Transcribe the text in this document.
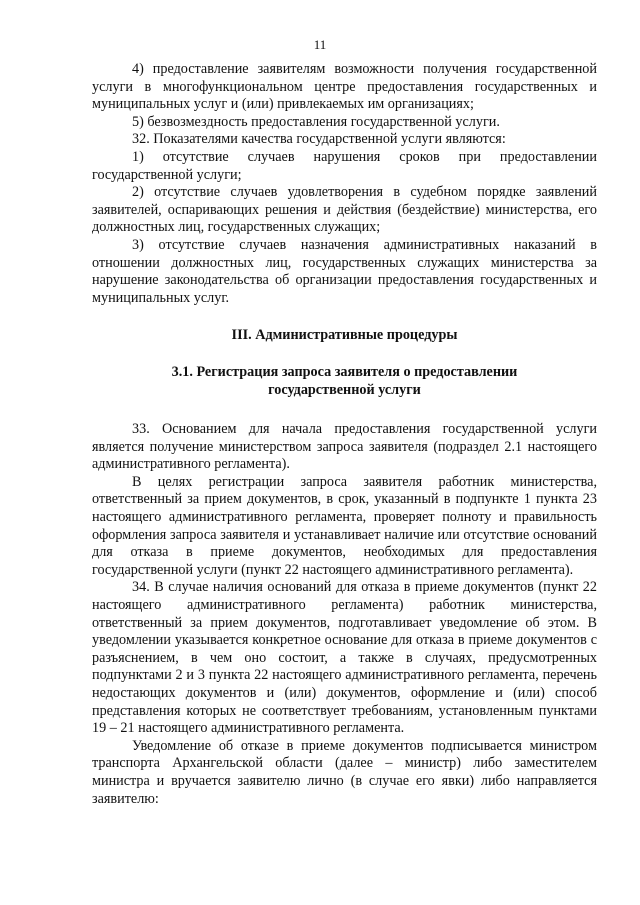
11

4) предоставление заявителям возможности получения государственной услуги в многофункциональном центре предоставления государственных и муниципальных услуг и (или) привлекаемых им организациях;

5) безвозмездность предоставления государственной услуги.

32. Показателями качества государственной услуги являются:

1) отсутствие случаев нарушения сроков при предоставлении государственной услуги;

2) отсутствие случаев удовлетворения в судебном порядке заявлений заявителей, оспаривающих решения и действия (бездействие) министерства, его должностных лиц, государственных служащих;

3) отсутствие случаев назначения административных наказаний в отношении должностных лиц, государственных служащих министерства за нарушение законодательства об организации предоставления государственных и муниципальных услуг.

III. Административные процедуры
3.1. Регистрация запроса заявителя о предоставлении государственной услуги

33. Основанием для начала предоставления государственной услуги является получение министерством запроса заявителя (подраздел 2.1 настоящего административного регламента).

В целях регистрации запроса заявителя работник министерства, ответственный за прием документов, в срок, указанный в подпункте 1 пункта 23 настоящего административного регламента, проверяет полноту и правильность оформления запроса заявителя и устанавливает наличие или отсутствие оснований для отказа в приеме документов, необходимых для предоставления государственной услуги (пункт 22 настоящего административного регламента).

34. В случае наличия оснований для отказа в приеме документов (пункт 22 настоящего административного регламента) работник министерства, ответственный за прием документов, подготавливает уведомление об этом. В уведомлении указывается конкретное основание для отказа в приеме документов с разъяснением, в чем оно состоит, а также в случаях, предусмотренных подпунктами 2 и 3 пункта 22 настоящего административного регламента, перечень недостающих документов и (или) документов, оформление и (или) способ представления которых не соответствует требованиям, установленным пунктами 19 – 21 настоящего административного регламента.

Уведомление об отказе в приеме документов подписывается министром транспорта Архангельской области (далее – министр) либо заместителем министра и вручается заявителю лично (в случае его явки) либо направляется заявителю:
